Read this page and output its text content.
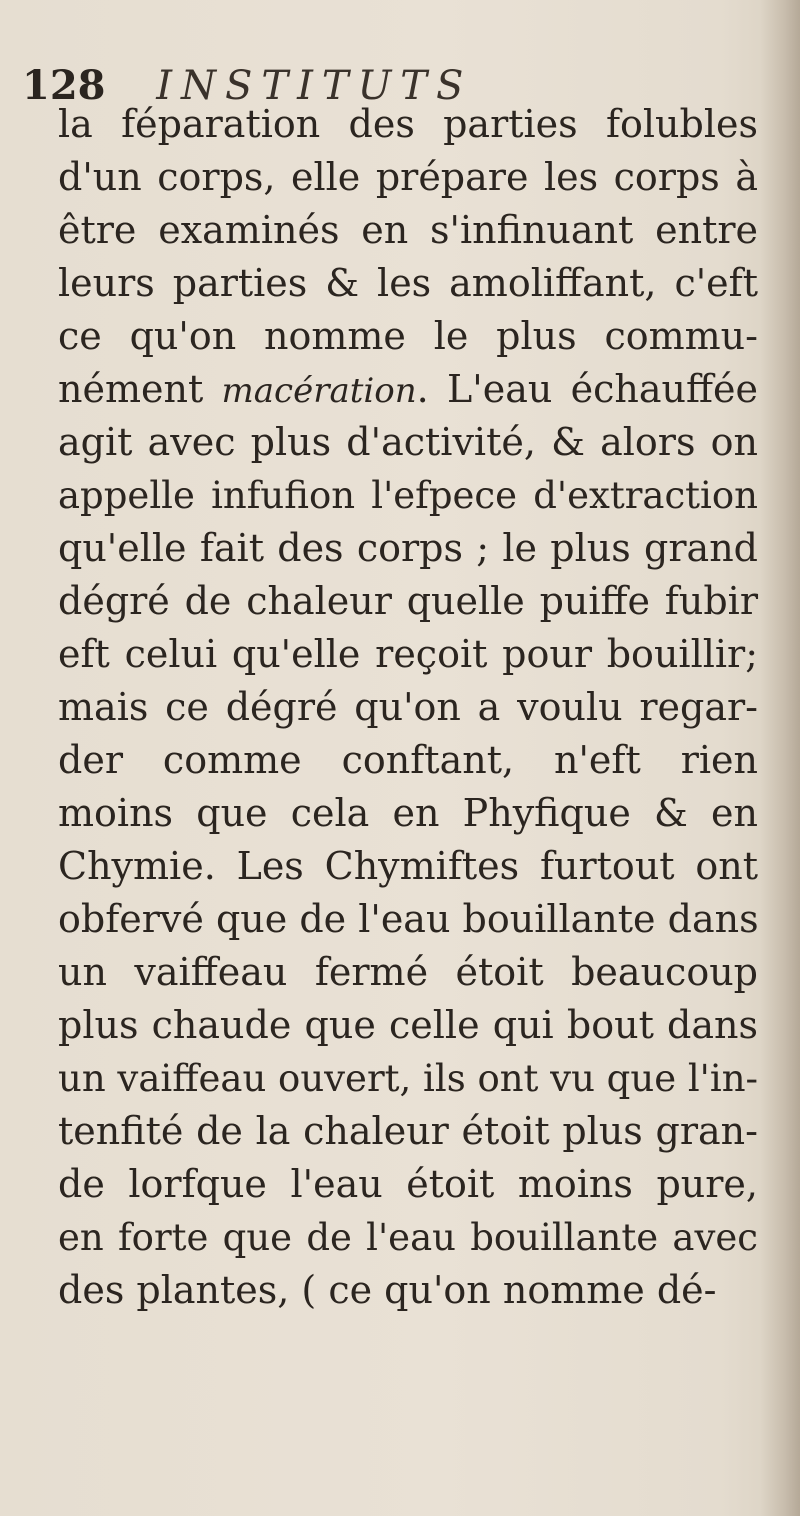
128 INSTITUTS
la féparation des parties folubles
d'un corps, elle prépare les corps à
être examinés en s'infinuant entre
leurs parties & les amoliffant, c'eft
ce qu'on nomme le plus commu-
nément macération. L'eau échauffée
agit avec plus d'activité, & alors on
appelle infufion l'efpece d'extraction
qu'elle fait des corps ; le plus grand
dégré de chaleur quelle puiffe fubir
eft celui qu'elle reçoit pour bouillir;
mais ce dégré qu'on a voulu regar-
der comme conftant, n'eft rien
moins que cela en Phyfique & en
Chymie. Les Chymiftes furtout ont
obfervé que de l'eau bouillante dans
un vaiffeau fermé étoit beaucoup
plus chaude que celle qui bout dans
un vaiffeau ouvert, ils ont vu que l'in-
tenfité de la chaleur étoit plus gran-
de lorfque l'eau étoit moins pure,
en forte que de l'eau bouillante avec
des plantes, ( ce qu'on nomme dé-
